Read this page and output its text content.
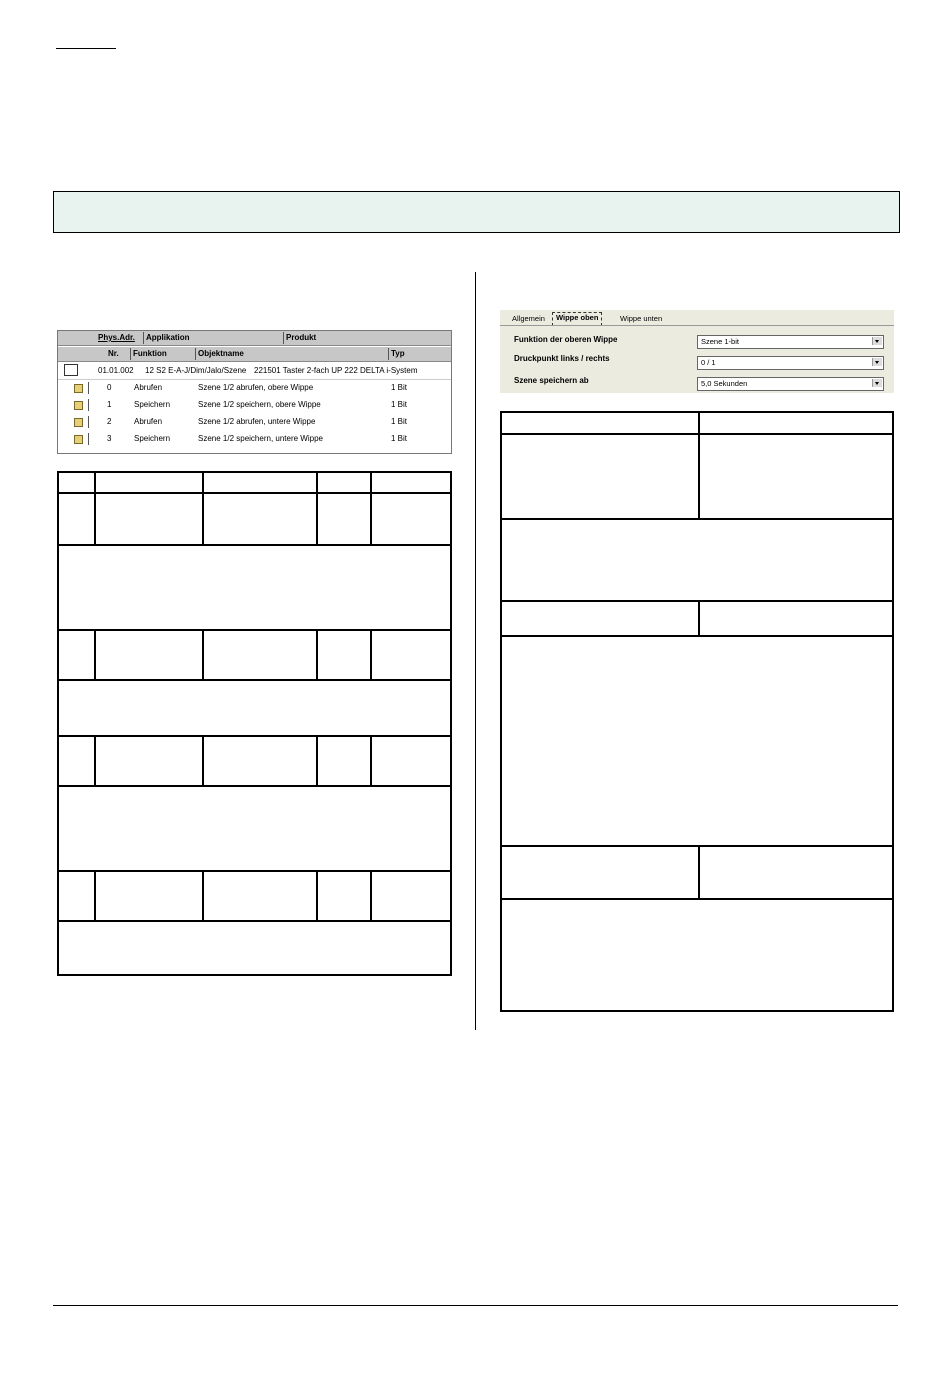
Phys.Adr. Applikation	Produkt
Nr. Funktion	Objektname	Typ
01.01.002 12 S2 E-A-J/Dim/Jalo/Szene 221501 Taster 2-fach UP 222 DELTA i-System
0	Abrufen	Szene 1/2 abrufen, obere Wippe	1 Bit
1	Speichern	Szene 1/2 speichern, obere Wippe	1 Bit
2	Abrufen	Szene 1/2 abrufen, untere Wippe	1 Bit
3	Speichern	Szene 1/2 speichern, untere Wippe	1 Bit
Allgemein	Wippe oben	Wippe unten
Funktion der oberen Wippe	Szene 1-bit
Druckpunkt links / rechts	0 / 1
Szene speichern ab	5,0 Sekunden
